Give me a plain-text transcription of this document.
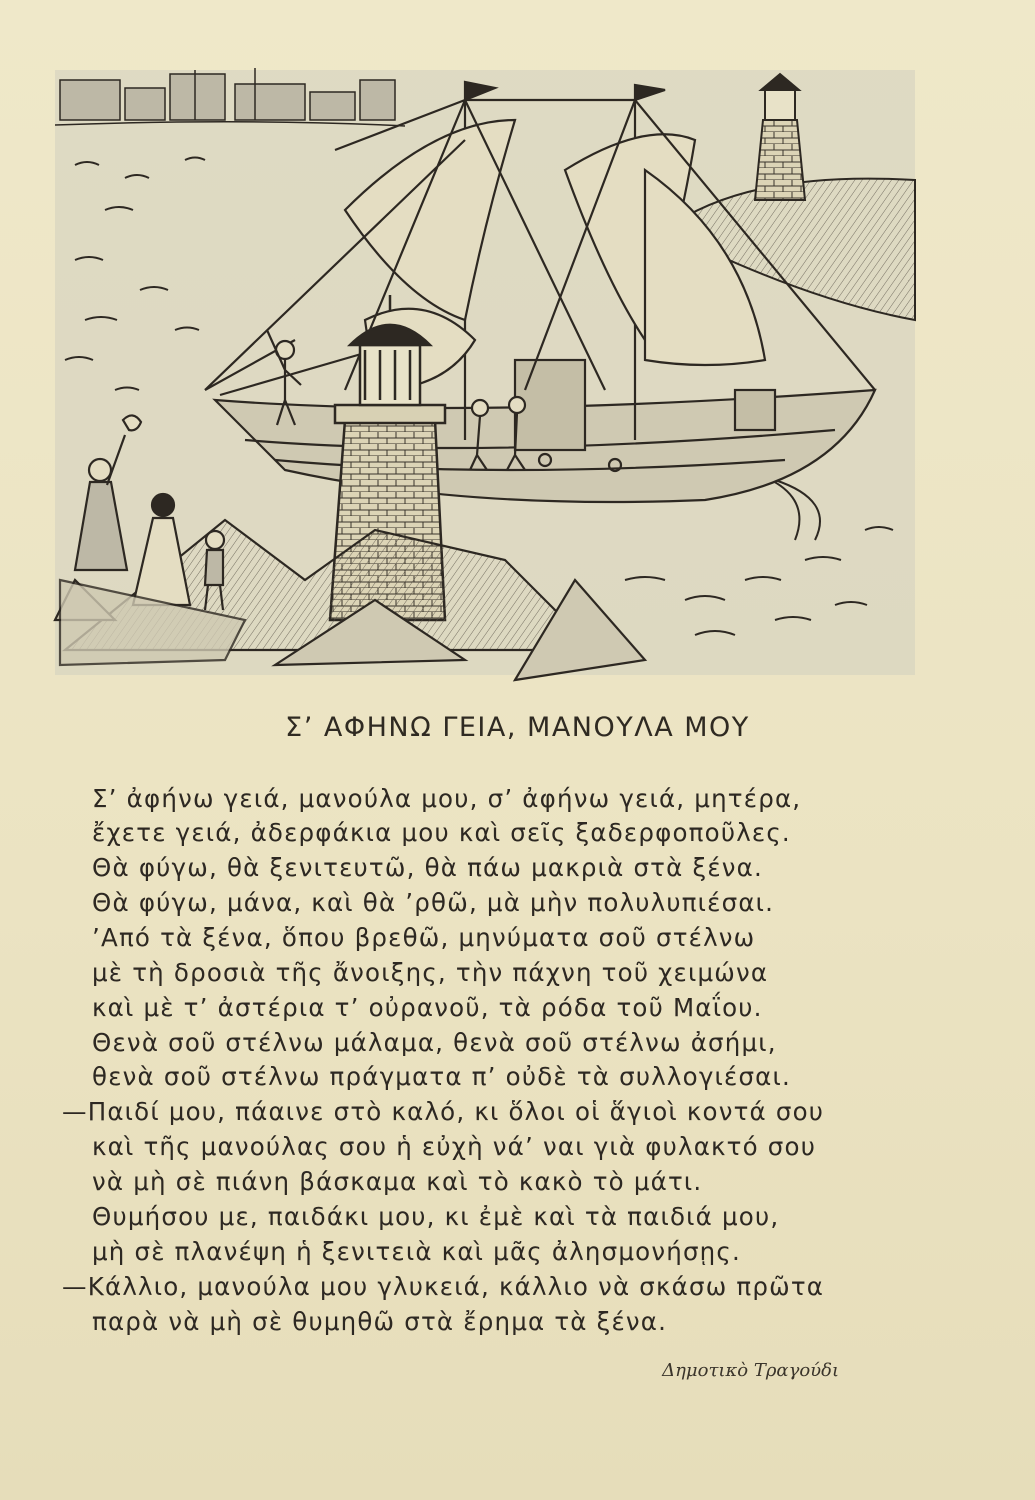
Σ’ ΑΦΗΝΩ ΓΕΙΑ, ΜΑΝΟΥΛΑ ΜΟΥ
Σ’ ἀφήνω γειά, μανούλα μου, σ’ ἀφήνω γειά, μητέρα,
ἔχετε γειά, ἀδερφάκια μου καὶ σεῖς ξαδερφοποῦλες.
Θὰ φύγω, θὰ ξενιτευτῶ, θὰ πάω μακριὰ στὰ ξένα.
Θὰ φύγω, μάνα, καὶ θὰ ’ρθῶ, μὰ μὴν πολυλυπιέσαι.
’Από τὰ ξένα, ὅπου βρεθῶ, μηνύματα σοῦ στέλνω
μὲ τὴ δροσιὰ τῆς ἄνοιξης, τὴν πάχνη τοῦ χειμώνα
καὶ μὲ τ’ ἀστέρια τ’ οὐρανοῦ, τὰ ρόδα τοῦ Μαΐου.
Θενὰ σοῦ στέλνω μάλαμα, θενὰ σοῦ στέλνω ἀσήμι,
θενὰ σοῦ στέλνω πράγματα π’ οὐδὲ τὰ συλλογιέσαι.
—Παιδί μου, πάαινε στὸ καλό, κι ὅλοι οἱ ἅγιοὶ κοντά σου
καὶ τῆς μανούλας σου ἡ εὐχὴ νά’ ναι γιὰ φυλακτό σου
νὰ μὴ σὲ πιάνη βάσκαμα καὶ τὸ κακὸ τὸ μάτι.
Θυμήσου με, παιδάκι μου, κι ἐμὲ καὶ τὰ παιδιά μου,
μὴ σὲ πλανέψη ἡ ξενιτειὰ καὶ μᾶς ἀλησμονήσῃς.
—Κάλλιο, μανούλα μου γλυκειά, κάλλιο νὰ σκάσω πρῶτα
παρὰ νὰ μὴ σὲ θυμηθῶ στὰ ἔρημα τὰ ξένα.
Δημοτικὸ Τραγούδι
